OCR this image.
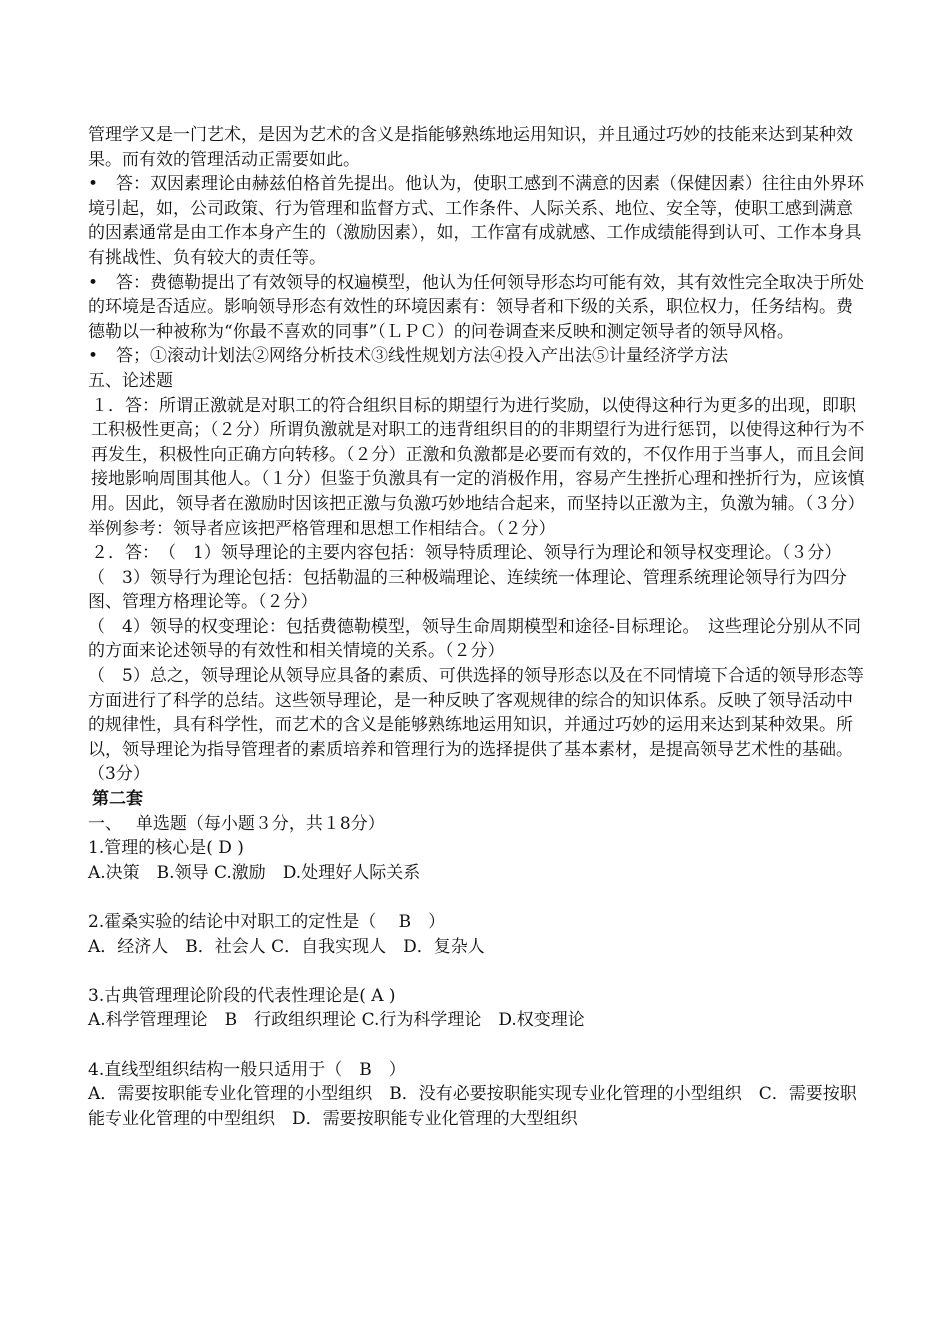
管理学又是一门艺术，是因为艺术的含义是指能够熟练地运用知识，并且通过巧妙的技能来达到某种效果。而有效的管理活动正需要如此。

• 答：双因素理论由赫兹伯格首先提出。他认为，使职工感到不满意的因素（保健因素）往往由外界环境引起，如，公司政策、行为管理和监督方式、工作条件、人际关系、地位、安全等，使职工感到满意的因素通常是由工作本身产生的（激励因素），如，工作富有成就感、工作成绩能得到认可、工作本身具有挑战性、负有较大的责任等。

• 答：费德勒提出了有效领导的权遍模型，他认为任何领导形态均可能有效，其有效性完全取决于所处的环境是否适应。影响领导形态有效性的环境因素有：领导者和下级的关系，职位权力，任务结构。费德勒以一种被称为“你最不喜欢的同事”（ＬＰＣ）的问卷调查来反映和测定领导者的领导风格。

• 答；①滚动计划法②网络分析技术③线性规划方法④投入产出法⑤计量经济学方法

五、论述题

１．答：所谓正激就是对职工的符合组织目标的期望行为进行奖励，以使得这种行为更多的出现，即职工积极性更高；（２分）所谓负激就是对职工的违背组织目的的非期望行为进行惩罚，以使得这种行为不再发生，积极性向正确方向转移。（２分）正激和负激都是必要而有效的，不仅作用于当事人，而且会间接地影响周围其他人。（１分）但鉴于负激具有一定的消极作用，容易产生挫折心理和挫折行为，应该慎用。因此，领导者在激励时因该把正激与负激巧妙地结合起来，而坚持以正激为主，负激为辅。（３分）

举例参考：领导者应该把严格管理和思想工作相结合。（２分）

２．答：　（　1）领导理论的主要内容包括：领导特质理论、领导行为理论和领导权变理论。（３分）

（　3）领导行为理论包括：包括勒温的三种极端理论、连续统一体理论、管理系统理论领导行为四分图、管理方格理论等。（２分）

（　4）领导的权变理论：包括费德勒模型，领导生命周期模型和途径-目标理论。　这些理论分别从不同的方面来论述领导的有效性和相关情境的关系。（２分）

（　5）总之，领导理论从领导应具备的素质、可供选择的领导形态以及在不同情境下合适的领导形态等方面进行了科学的总结。这些领导理论，是一种反映了客观规律的综合的知识体系。反映了领导活动中的规律性，具有科学性，而艺术的含义是能够熟练地运用知识，并通过巧妙的运用来达到某种效果。所以，领导理论为指导管理者的素质培养和管理行为的选择提供了基本素材，是提高领导艺术性的基础。（3分）

第二套

一、　 单选题（每小题３分，共１8分）

1.管理的核心是( D )

A.决策　B.领导 C.激励　D.处理好人际关系

2.霍桑实验的结论中对职工的定性是（　 B　）

A．经济人　B．社会人 C．自我实现人　D．复杂人

3.古典管理理论阶段的代表性理论是( A )

A.科学管理理论　B　行政组织理论 C.行为科学理论　D.权变理论

4.直线型组织结构一般只适用于（　B　）

A．需要按职能专业化管理的小型组织　B．没有必要按职能实现专业化管理的小型组织　C．需要按职能专业化管理的中型组织　D．需要按职能专业化管理的大型组织
